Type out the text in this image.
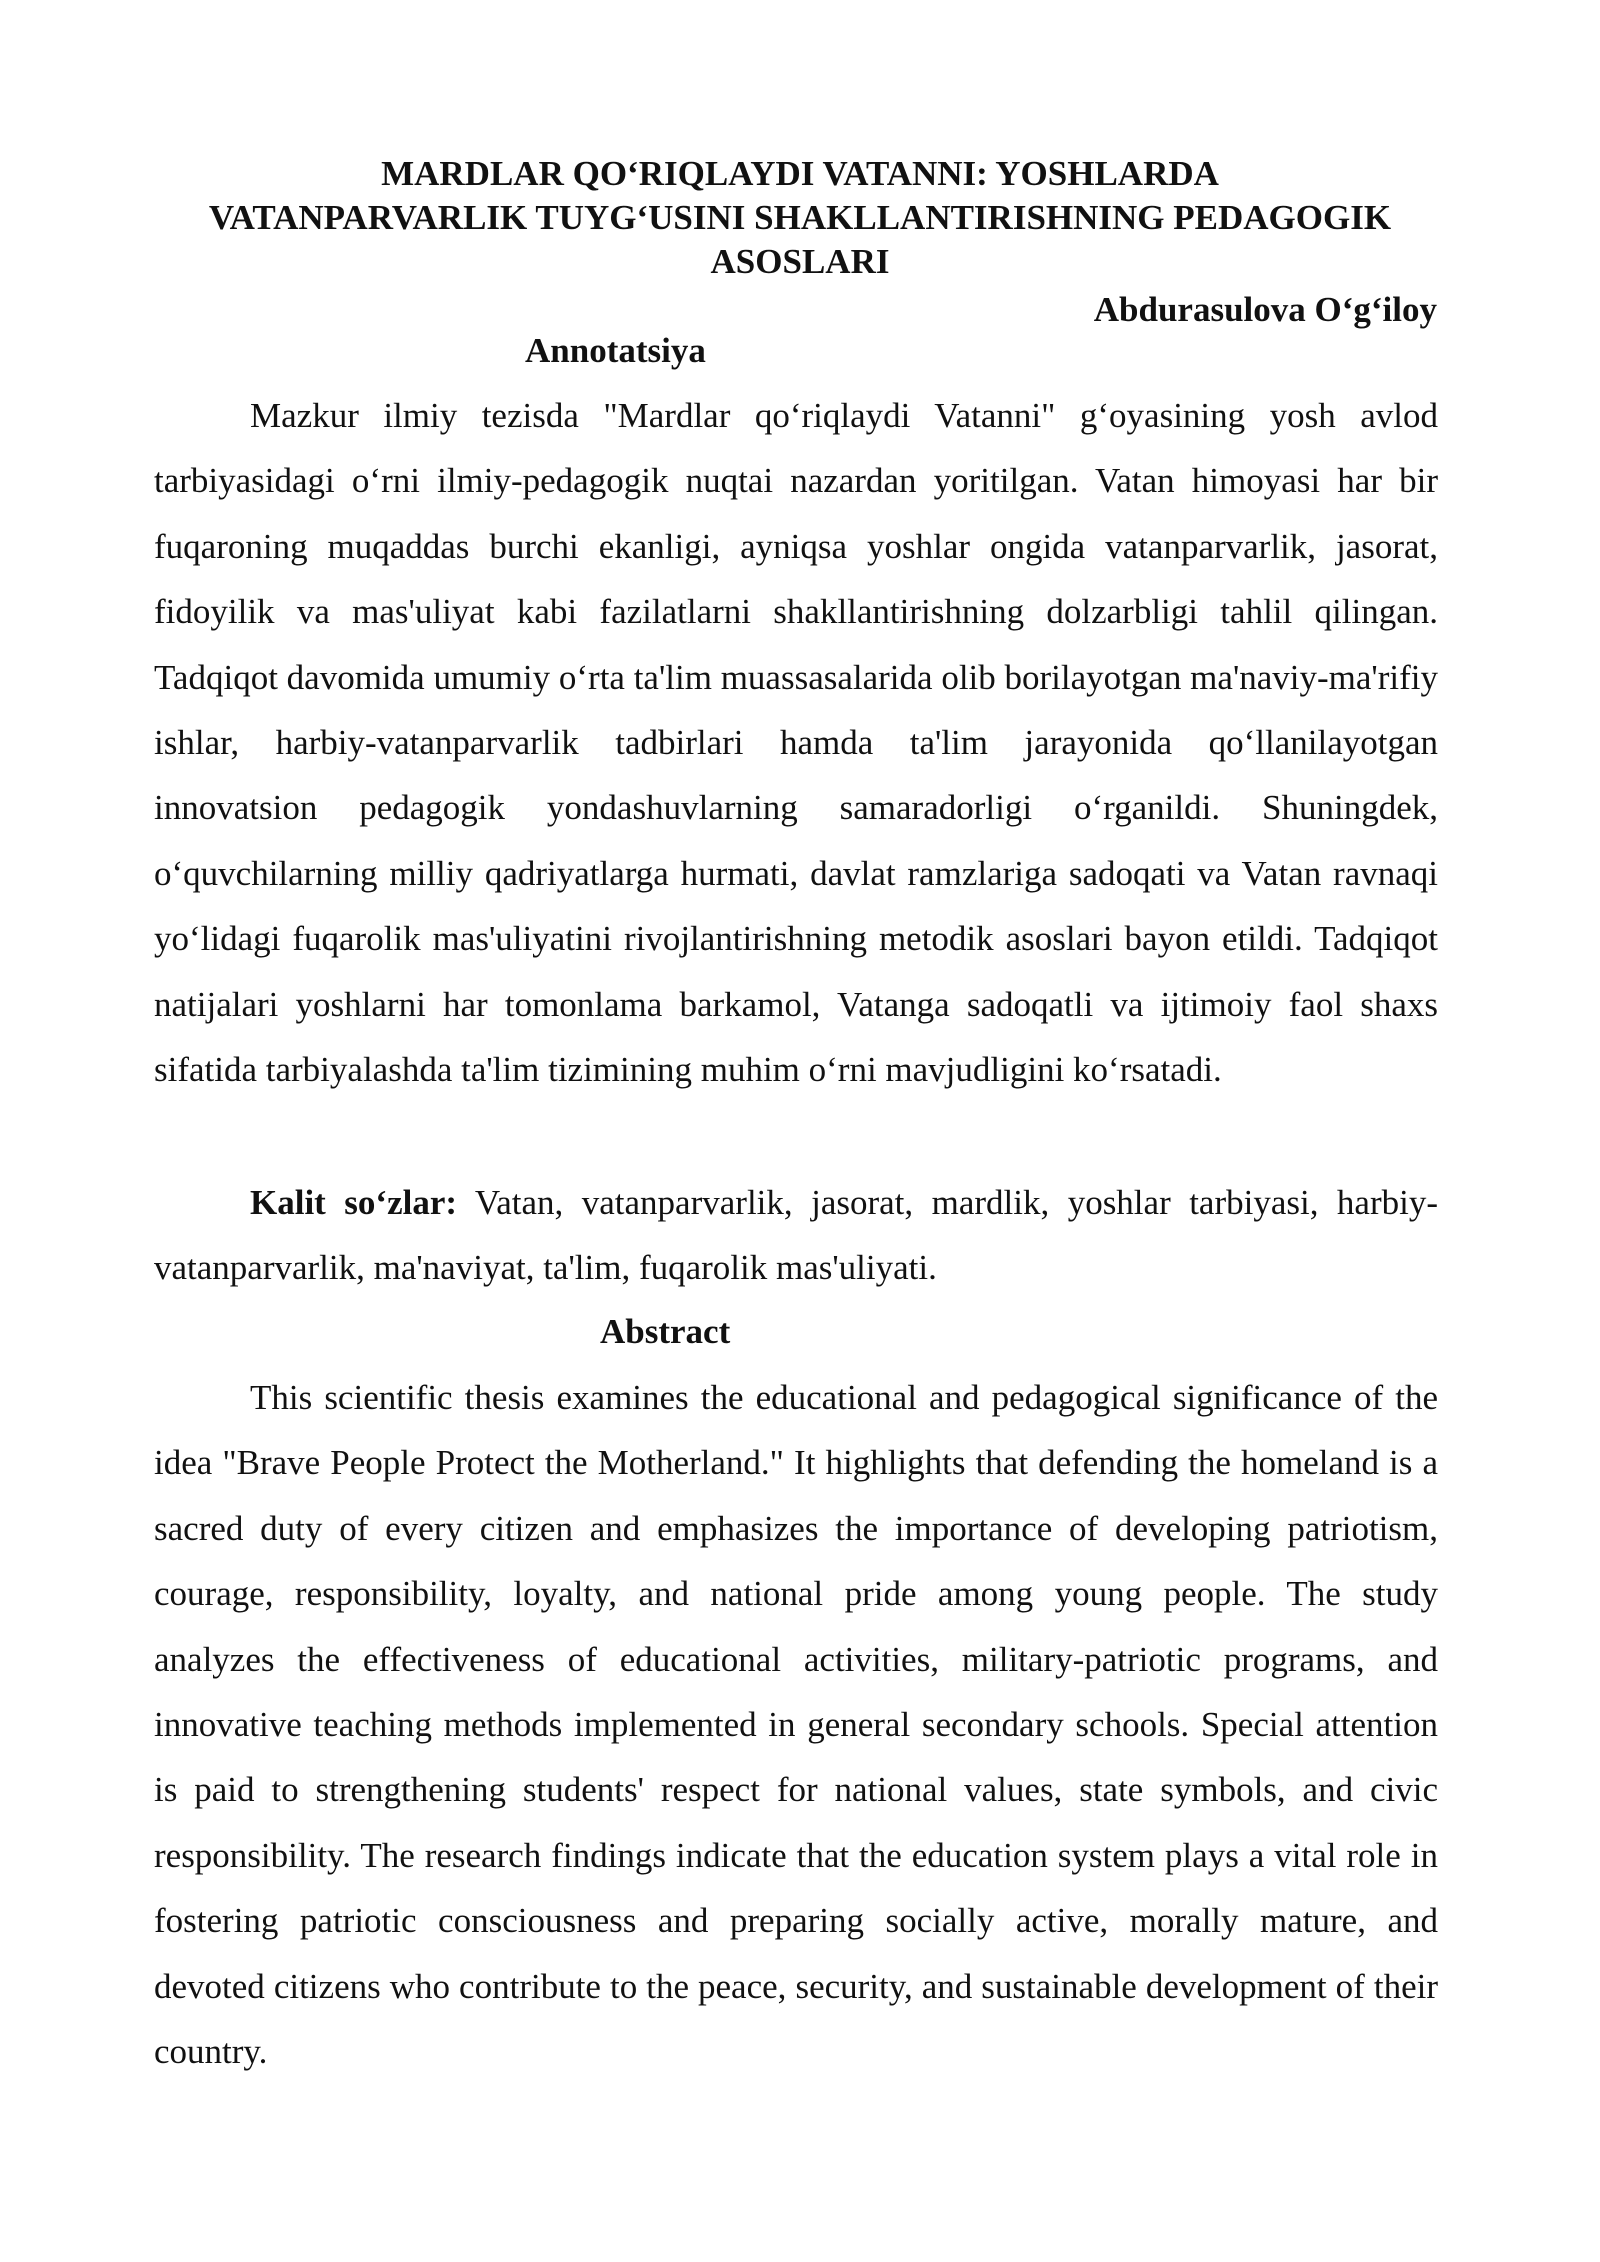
MARDLAR QO‘RIQLAYDI VATANNI: YOSHLARDA
VATANPARVARLIK TUYG‘USINI SHAKLLANTIRISHNING PEDAGOGIK
ASOSLARI

Abdurasulova O‘g‘iloy

Annotatsiya

Mazkur ilmiy tezisda "Mardlar qo‘riqlaydi Vatanni" g‘oyasining yosh avlod tarbiyasidagi o‘rni ilmiy-pedagogik nuqtai nazardan yoritilgan. Vatan himoyasi har bir fuqaroning muqaddas burchi ekanligi, ayniqsa yoshlar ongida vatanparvarlik, jasorat, fidoyilik va mas'uliyat kabi fazilatlarni shakllantirishning dolzarbligi tahlil qilingan. Tadqiqot davomida umumiy o‘rta ta'lim muassasalarida olib borilayotgan ma'naviy-ma'rifiy ishlar, harbiy-vatanparvarlik tadbirlari hamda ta'lim jarayonida qo‘llanilayotgan innovatsion pedagogik yondashuvlarning samaradorligi o‘rganildi. Shuningdek, o‘quvchilarning milliy qadriyatlarga hurmati, davlat ramzlariga sadoqati va Vatan ravnaqi yo‘lidagi fuqarolik mas'uliyatini rivojlantirishning metodik asoslari bayon etildi. Tadqiqot natijalari yoshlarni har tomonlama barkamol, Vatanga sadoqatli va ijtimoiy faol shaxs sifatida tarbiyalashda ta'lim tizimining muhim o‘rni mavjudligini ko‘rsatadi.

Kalit so‘zlar: Vatan, vatanparvarlik, jasorat, mardlik, yoshlar tarbiyasi, harbiy-vatanparvarlik, ma'naviyat, ta'lim, fuqarolik mas'uliyati.

Abstract

This scientific thesis examines the educational and pedagogical significance of the idea "Brave People Protect the Motherland." It highlights that defending the homeland is a sacred duty of every citizen and emphasizes the importance of developing patriotism, courage, responsibility, loyalty, and national pride among young people. The study analyzes the effectiveness of educational activities, military-patriotic programs, and innovative teaching methods implemented in general secondary schools. Special attention is paid to strengthening students' respect for national values, state symbols, and civic responsibility. The research findings indicate that the education system plays a vital role in fostering patriotic consciousness and preparing socially active, morally mature, and devoted citizens who contribute to the peace, security, and sustainable development of their country.
